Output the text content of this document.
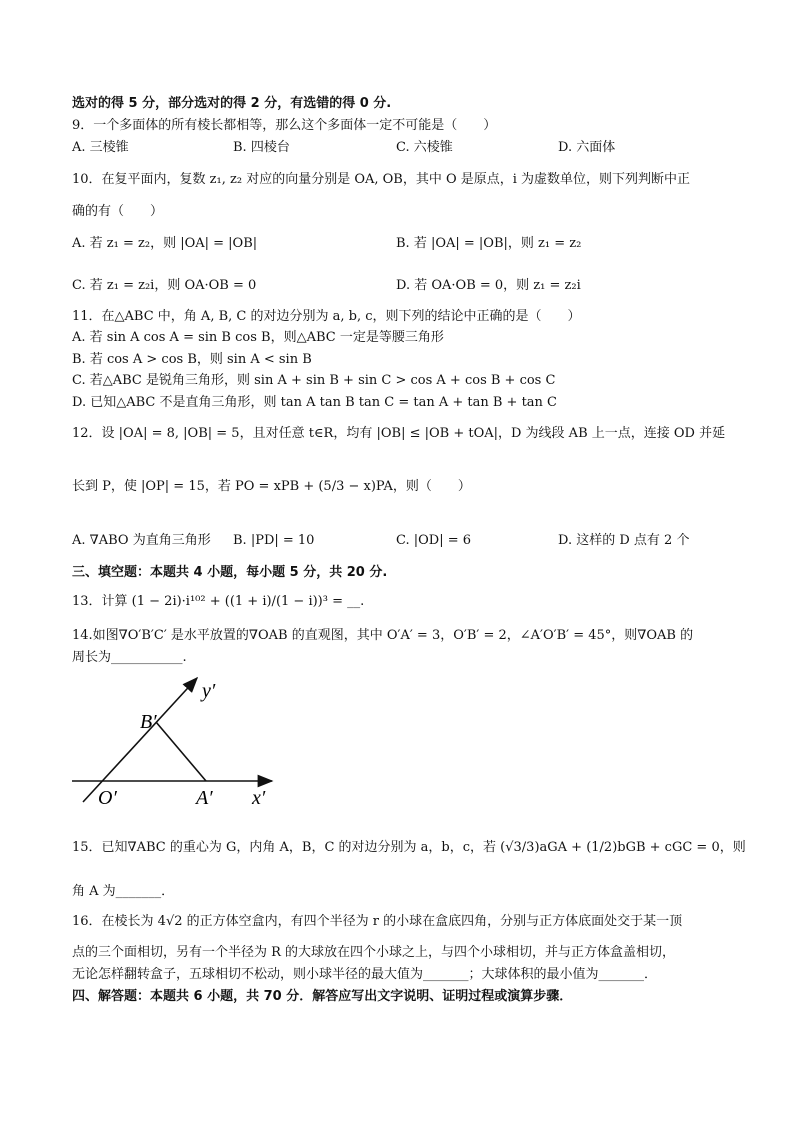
选对的得 5 分，部分选对的得 2 分，有选错的得 0 分.
9．一个多面体的所有棱长都相等，那么这个多面体一定不可能是（　　）
A. 三棱锥	B. 四棱台	C. 六棱锥	D. 六面体
10．在复平面内，复数 z₁, z₂ 对应的向量分别是 OA, OB，其中 O 是原点，i 为虚数单位，则下列判断中正
确的有（　　）
A. 若 z₁ = z₂，则 |OA| = |OB|	B. 若 |OA| = |OB|，则 z₁ = z₂
C. 若 z₁ = z₂i，则 OA·OB = 0	D. 若 OA·OB = 0，则 z₁ = z₂i
11．在△ABC 中，角 A, B, C 的对边分别为 a, b, c，则下列的结论中正确的是（　　）
A. 若 sin A cos A = sin B cos B，则△ABC 一定是等腰三角形
B. 若 cos A > cos B，则 sin A < sin B
C. 若△ABC 是锐角三角形，则 sin A + sin B + sin C > cos A + cos B + cos C
D. 已知△ABC 不是直角三角形，则 tan A tan B tan C = tan A + tan B + tan C
12．设 |OA| = 8, |OB| = 5，且对任意 t∈R，均有 |OB| ≤ |OB + tOA|，D 为线段 AB 上一点，连接 OD 并延
长到 P，使 |OP| = 15，若 PO = xPB + (5/3 − x)PA，则（　　）
A. ∇ABO 为直角三角形 B. |PD| = 10	C. |OD| = 6	D. 这样的 D 点有 2 个
三、填空题：本题共 4 小题，每小题 5 分，共 20 分.
13．计算 (1 − 2i)·i¹⁰² + ((1 + i)/(1 − i))³ = __.
14.如图∇O′B′C′ 是水平放置的∇OAB 的直观图，其中 O′A′ = 3，O′B′ = 2，∠A′O′B′ = 45°，则∇OAB 的
周长为___________.
y′
x′
B′
O′	A′
15．已知∇ABC 的重心为 G，内角 A，B，C 的对边分别为 a，b，c，若 (√3/3)aGA + (1/2)bGB + cGC = 0，则
角 A 为_______．
16．在棱长为 4√2 的正方体空盒内，有四个半径为 r 的小球在盒底四角，分别与正方体底面处交于某一顶
点的三个面相切，另有一个半径为 R 的大球放在四个小球之上，与四个小球相切，并与正方体盒盖相切，
无论怎样翻转盒子，五球相切不松动，则小球半径的最大值为_______；大球体积的最小值为_______．
四、解答题：本题共 6 小题，共 70 分．解答应写出文字说明、证明过程或演算步骤．
